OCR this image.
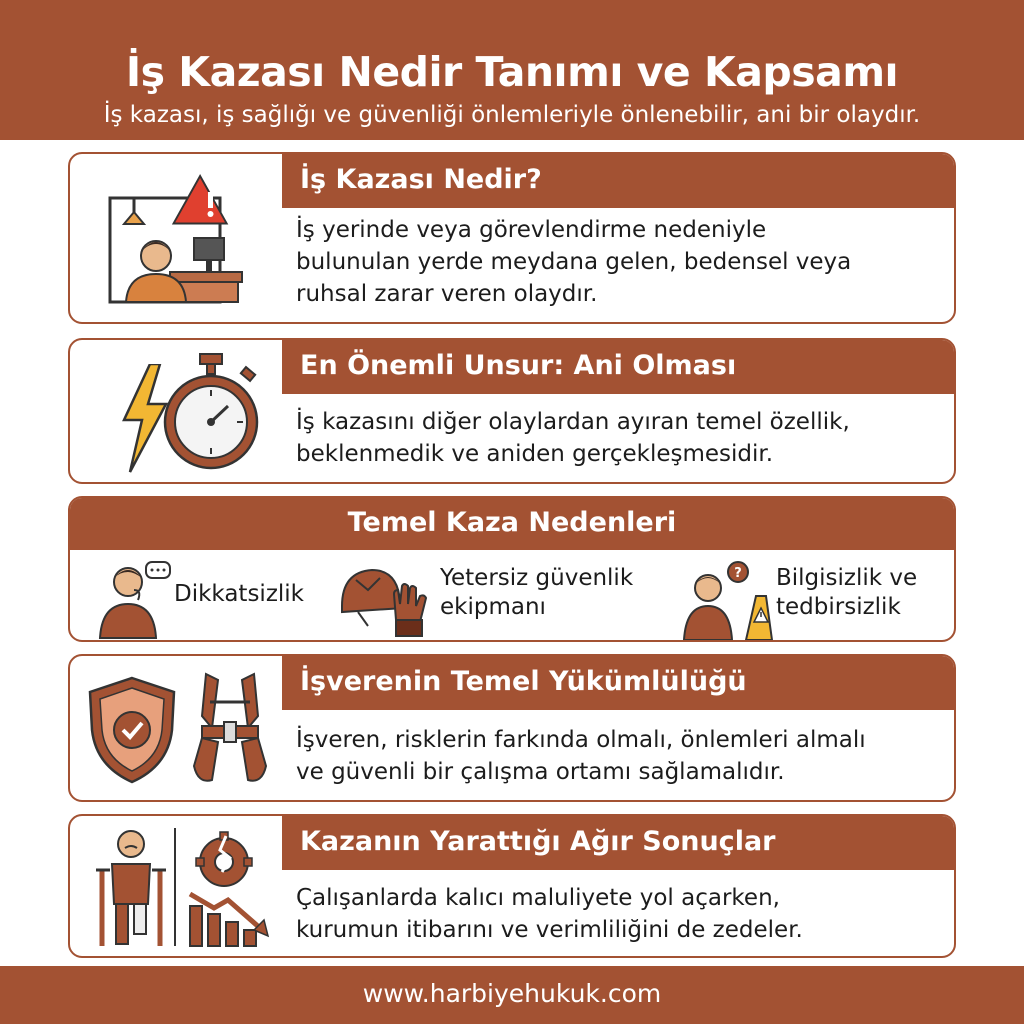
İş Kazası Nedir Tanımı ve Kapsamı

İş kazası, iş sağlığı ve güvenliği önlemleriyle önlenebilir, ani bir olaydır.

İş Kazası Nedir?
İş yerinde veya görevlendirme nedeniyle
bulunulan yerde meydana gelen, bedensel veya
ruhsal zarar veren olaydır.
En Önemli Unsur: Ani Olması
İş kazasını diğer olaylardan ayıran temel özellik,
beklenmedik ve aniden gerçekleşmesidir.
Temel Kaza Nedenleri
Dikkatsizlik
Yetersiz güvenlik
ekipmanı
? Bilgisizlik ve
tedbirsizlik
İşverenin Temel Yükümlülüğü
İşveren, risklerin farkında olmalı, önlemleri almalı
ve güvenli bir çalışma ortamı sağlamalıdır.
Kazanın Yarattığı Ağır Sonuçlar
Çalışanlarda kalıcı maluliyete yol açarken,
kurumun itibarını ve verimliliğini de zedeler.
www.harbiyehukuk.com
